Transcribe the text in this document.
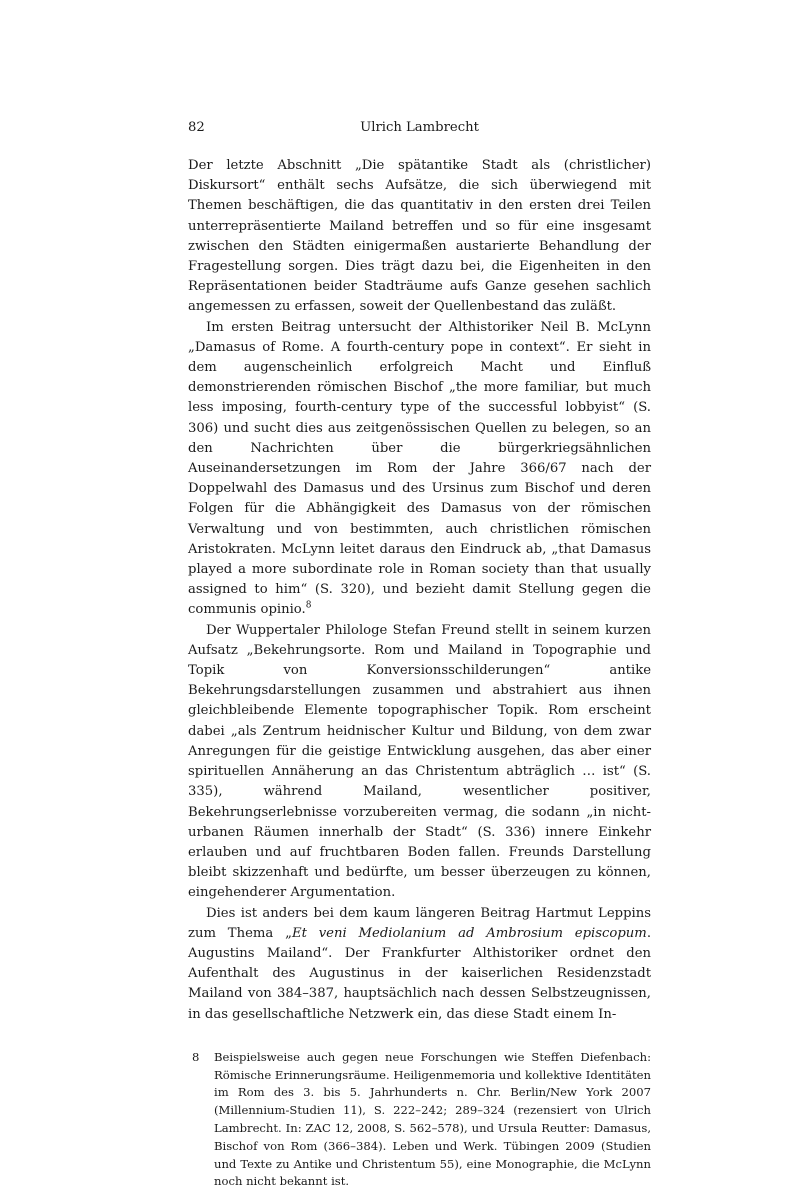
82	Ulrich Lambrecht

Der letzte Abschnitt „Die spätantike Stadt als (christlicher) Diskursort“ enthält sechs Aufsätze, die sich überwiegend mit Themen beschäftigen, die das quantitativ in den ersten drei Teilen unterrepräsentierte Mailand betreffen und so für eine insgesamt zwischen den Städten einigermaßen austarierte Behandlung der Fragestellung sorgen. Dies trägt dazu bei, die Eigenheiten in den Repräsentationen beider Stadträume aufs Ganze gesehen sachlich angemessen zu erfassen, soweit der Quellenbestand das zuläßt.

Im ersten Beitrag untersucht der Althistoriker Neil B. McLynn „Damasus of Rome. A fourth-century pope in context“. Er sieht in dem augenscheinlich erfolgreich Macht und Einfluß demonstrierenden römischen Bischof „the more familiar, but much less imposing, fourth-century type of the successful lobbyist“ (S. 306) und sucht dies aus zeitgenössischen Quellen zu belegen, so an den Nachrichten über die bürgerkriegsähnlichen Auseinandersetzungen im Rom der Jahre 366/67 nach der Doppelwahl des Damasus und des Ursinus zum Bischof und deren Folgen für die Abhängigkeit des Damasus von der römischen Verwaltung und von bestimmten, auch christlichen römischen Aristokraten. McLynn leitet daraus den Eindruck ab, „that Damasus played a more subordinate role in Roman society than that usually assigned to him“ (S. 320), und bezieht damit Stellung gegen die communis opinio.$^8$

Der Wuppertaler Philologe Stefan Freund stellt in seinem kurzen Aufsatz „Bekehrungsorte. Rom und Mailand in Topographie und Topik von Konversionsschilderungen“ antike Bekehrungsdarstellungen zusammen und abstrahiert aus ihnen gleichbleibende Elemente topographischer Topik. Rom erscheint dabei „als Zentrum heidnischer Kultur und Bildung, von dem zwar Anregungen für die geistige Entwicklung ausgehen, das aber einer spirituellen Annäherung an das Christentum abträglich … ist“ (S. 335), während Mailand, wesentlicher positiver, Bekehrungserlebnisse vorzubereiten vermag, die sodann „in nicht-urbanen Räumen innerhalb der Stadt“ (S. 336) innere Einkehr erlauben und auf fruchtbaren Boden fallen. Freunds Darstellung bleibt skizzenhaft und bedürfte, um besser überzeugen zu können, eingehenderer Argumentation.

Dies ist anders bei dem kaum längeren Beitrag Hartmut Leppins zum Thema „Et veni Mediolanium ad Ambrosium episcopum. Augustins Mailand“. Der Frankfurter Althistoriker ordnet den Aufenthalt des Augustinus in der kaiserlichen Residenzstadt Mailand von 384–387, hauptsächlich nach dessen Selbstzeugnissen, in das gesellschaftliche Netzwerk ein, das diese Stadt einem In-

8	Beispielsweise auch gegen neue Forschungen wie Steffen Diefenbach: Römische Erinnerungsräume. Heiligenmemoria und kollektive Identitäten im Rom des 3. bis 5. Jahrhunderts n. Chr. Berlin/New York 2007 (Millennium-Studien 11), S. 222–242; 289–324 (rezensiert von Ulrich Lambrecht. In: ZAC 12, 2008, S. 562–578), und Ursula Reutter: Damasus, Bischof von Rom (366–384). Leben und Werk. Tübingen 2009 (Studien und Texte zu Antike und Christentum 55), eine Monographie, die McLynn noch nicht bekannt ist.
